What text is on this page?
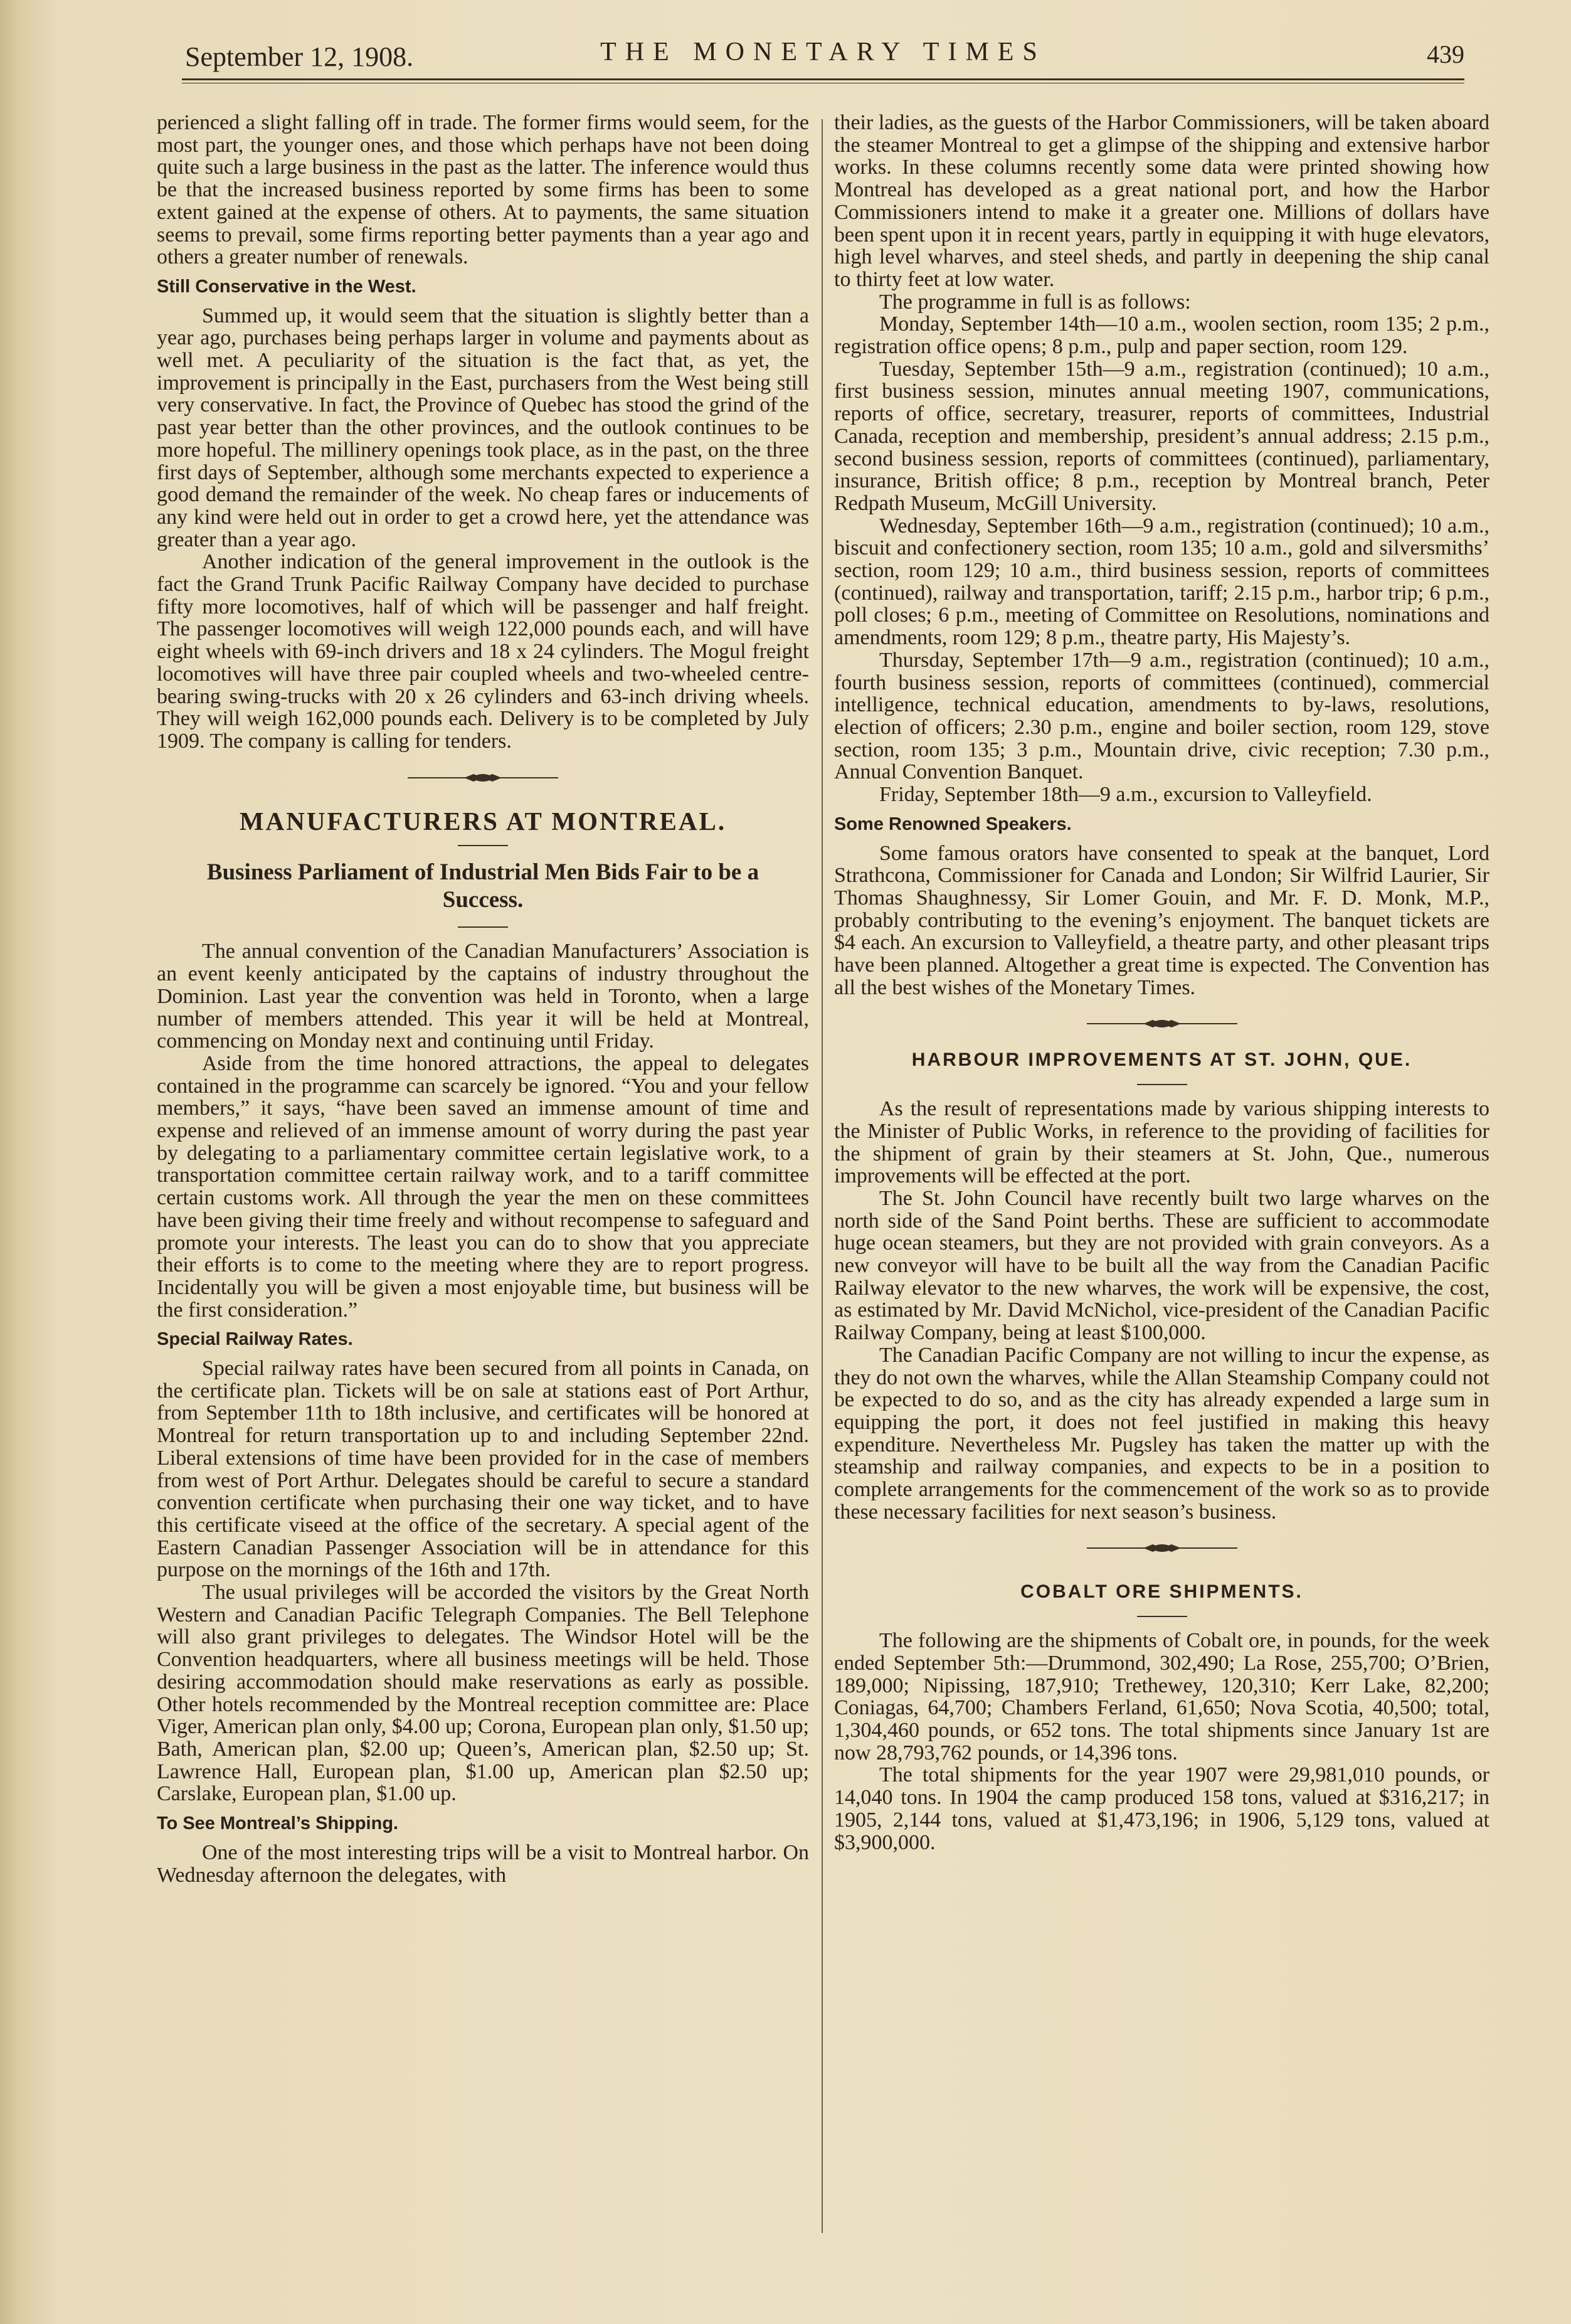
September 12, 1908.	THE MONETARY TIMES	439

perienced a slight falling off in trade. The former firms would seem, for the most part, the younger ones, and those which perhaps have not been doing quite such a large business in the past as the latter. The inference would thus be that the increased business reported by some firms has been to some extent gained at the expense of others. At to payments, the same situation seems to prevail, some firms reporting better payments than a year ago and others a greater number of renewals.

Still Conservative in the West.

Summed up, it would seem that the situation is slightly better than a year ago, purchases being perhaps larger in volume and payments about as well met. A peculiarity of the situation is the fact that, as yet, the improvement is principally in the East, purchasers from the West being still very conservative. In fact, the Province of Quebec has stood the grind of the past year better than the other provinces, and the outlook continues to be more hopeful. The millinery openings took place, as in the past, on the three first days of September, although some merchants expected to experience a good demand the remainder of the week. No cheap fares or inducements of any kind were held out in order to get a crowd here, yet the attendance was greater than a year ago.

Another indication of the general improvement in the outlook is the fact the Grand Trunk Pacific Railway Company have decided to purchase fifty more locomotives, half of which will be passenger and half freight. The passenger locomotives will weigh 122,000 pounds each, and will have eight wheels with 69-inch drivers and 18 x 24 cylinders. The Mogul freight locomotives will have three pair coupled wheels and two-wheeled centre-bearing swing-trucks with 20 x 26 cylinders and 63-inch driving wheels. They will weigh 162,000 pounds each. Delivery is to be completed by July 1909. The company is calling for tenders.

MANUFACTURERS AT MONTREAL.
Business Parliament of Industrial Men Bids Fair to be a Success.

The annual convention of the Canadian Manufacturers’ Association is an event keenly anticipated by the captains of industry throughout the Dominion. Last year the convention was held in Toronto, when a large number of members attended. This year it will be held at Montreal, commencing on Monday next and continuing until Friday.

Aside from the time honored attractions, the appeal to delegates contained in the programme can scarcely be ignored. “You and your fellow members,” it says, “have been saved an immense amount of time and expense and relieved of an immense amount of worry during the past year by delegating to a parliamentary committee certain legislative work, to a transportation committee certain railway work, and to a tariff committee certain customs work. All through the year the men on these committees have been giving their time freely and without recompense to safeguard and promote your interests. The least you can do to show that you appreciate their efforts is to come to the meeting where they are to report progress. Incidentally you will be given a most enjoyable time, but business will be the first consideration.”

Special Railway Rates.

Special railway rates have been secured from all points in Canada, on the certificate plan. Tickets will be on sale at stations east of Port Arthur, from September 11th to 18th inclusive, and certificates will be honored at Montreal for return transportation up to and including September 22nd. Liberal extensions of time have been provided for in the case of members from west of Port Arthur. Delegates should be careful to secure a standard convention certificate when purchasing their one way ticket, and to have this certificate viseed at the office of the secretary. A special agent of the Eastern Canadian Passenger Association will be in attendance for this purpose on the mornings of the 16th and 17th.

The usual privileges will be accorded the visitors by the Great North Western and Canadian Pacific Telegraph Companies. The Bell Telephone will also grant privileges to delegates. The Windsor Hotel will be the Convention headquarters, where all business meetings will be held. Those desiring accommodation should make reservations as early as possible. Other hotels recommended by the Montreal reception committee are: Place Viger, American plan only, $4.00 up; Corona, European plan only, $1.50 up; Bath, American plan, $2.00 up; Queen’s, American plan, $2.50 up; St. Lawrence Hall, European plan, $1.00 up, American plan $2.50 up; Carslake, European plan, $1.00 up.

To See Montreal’s Shipping.

One of the most interesting trips will be a visit to Montreal harbor. On Wednesday afternoon the delegates, with

their ladies, as the guests of the Harbor Commissioners, will be taken aboard the steamer Montreal to get a glimpse of the shipping and extensive harbor works. In these columns recently some data were printed showing how Montreal has developed as a great national port, and how the Harbor Commissioners intend to make it a greater one. Millions of dollars have been spent upon it in recent years, partly in equipping it with huge elevators, high level wharves, and steel sheds, and partly in deepening the ship canal to thirty feet at low water.

The programme in full is as follows:

Monday, September 14th—10 a.m., woolen section, room 135; 2 p.m., registration office opens; 8 p.m., pulp and paper section, room 129.

Tuesday, September 15th—9 a.m., registration (continued); 10 a.m., first business session, minutes annual meeting 1907, communications, reports of office, secretary, treasurer, reports of committees, Industrial Canada, reception and membership, president’s annual address; 2.15 p.m., second business session, reports of committees (continued), parliamentary, insurance, British office; 8 p.m., reception by Montreal branch, Peter Redpath Museum, McGill University.

Wednesday, September 16th—9 a.m., registration (continued); 10 a.m., biscuit and confectionery section, room 135; 10 a.m., gold and silversmiths’ section, room 129; 10 a.m., third business session, reports of committees (continued), railway and transportation, tariff; 2.15 p.m., harbor trip; 6 p.m., poll closes; 6 p.m., meeting of Committee on Resolutions, nominations and amendments, room 129; 8 p.m., theatre party, His Majesty’s.

Thursday, September 17th—9 a.m., registration (continued); 10 a.m., fourth business session, reports of committees (continued), commercial intelligence, technical education, amendments to by-laws, resolutions, election of officers; 2.30 p.m., engine and boiler section, room 129, stove section, room 135; 3 p.m., Mountain drive, civic reception; 7.30 p.m., Annual Convention Banquet.

Friday, September 18th—9 a.m., excursion to Valleyfield.

Some Renowned Speakers.

Some famous orators have consented to speak at the banquet, Lord Strathcona, Commissioner for Canada and London; Sir Wilfrid Laurier, Sir Thomas Shaughnessy, Sir Lomer Gouin, and Mr. F. D. Monk, M.P., probably contributing to the evening’s enjoyment. The banquet tickets are $4 each. An excursion to Valleyfield, a theatre party, and other pleasant trips have been planned. Altogether a great time is expected. The Convention has all the best wishes of the Monetary Times.

HARBOUR IMPROVEMENTS AT ST. JOHN, QUE.

As the result of representations made by various shipping interests to the Minister of Public Works, in reference to the providing of facilities for the shipment of grain by their steamers at St. John, Que., numerous improvements will be effected at the port.

The St. John Council have recently built two large wharves on the north side of the Sand Point berths. These are sufficient to accommodate huge ocean steamers, but they are not provided with grain conveyors. As a new conveyor will have to be built all the way from the Canadian Pacific Railway elevator to the new wharves, the work will be expensive, the cost, as estimated by Mr. David McNichol, vice-president of the Canadian Pacific Railway Company, being at least $100,000.

The Canadian Pacific Company are not willing to incur the expense, as they do not own the wharves, while the Allan Steamship Company could not be expected to do so, and as the city has already expended a large sum in equipping the port, it does not feel justified in making this heavy expenditure. Nevertheless Mr. Pugsley has taken the matter up with the steamship and railway companies, and expects to be in a position to complete arrangements for the commencement of the work so as to provide these necessary facilities for next season’s business.

COBALT ORE SHIPMENTS.

The following are the shipments of Cobalt ore, in pounds, for the week ended September 5th:—Drummond, 302,490; La Rose, 255,700; O’Brien, 189,000; Nipissing, 187,910; Trethewey, 120,310; Kerr Lake, 82,200; Coniagas, 64,700; Chambers Ferland, 61,650; Nova Scotia, 40,500; total, 1,304,460 pounds, or 652 tons. The total shipments since January 1st are now 28,793,762 pounds, or 14,396 tons.

The total shipments for the year 1907 were 29,981,010 pounds, or 14,040 tons. In 1904 the camp produced 158 tons, valued at $316,217; in 1905, 2,144 tons, valued at $1,473,196; in 1906, 5,129 tons, valued at $3,900,000.
